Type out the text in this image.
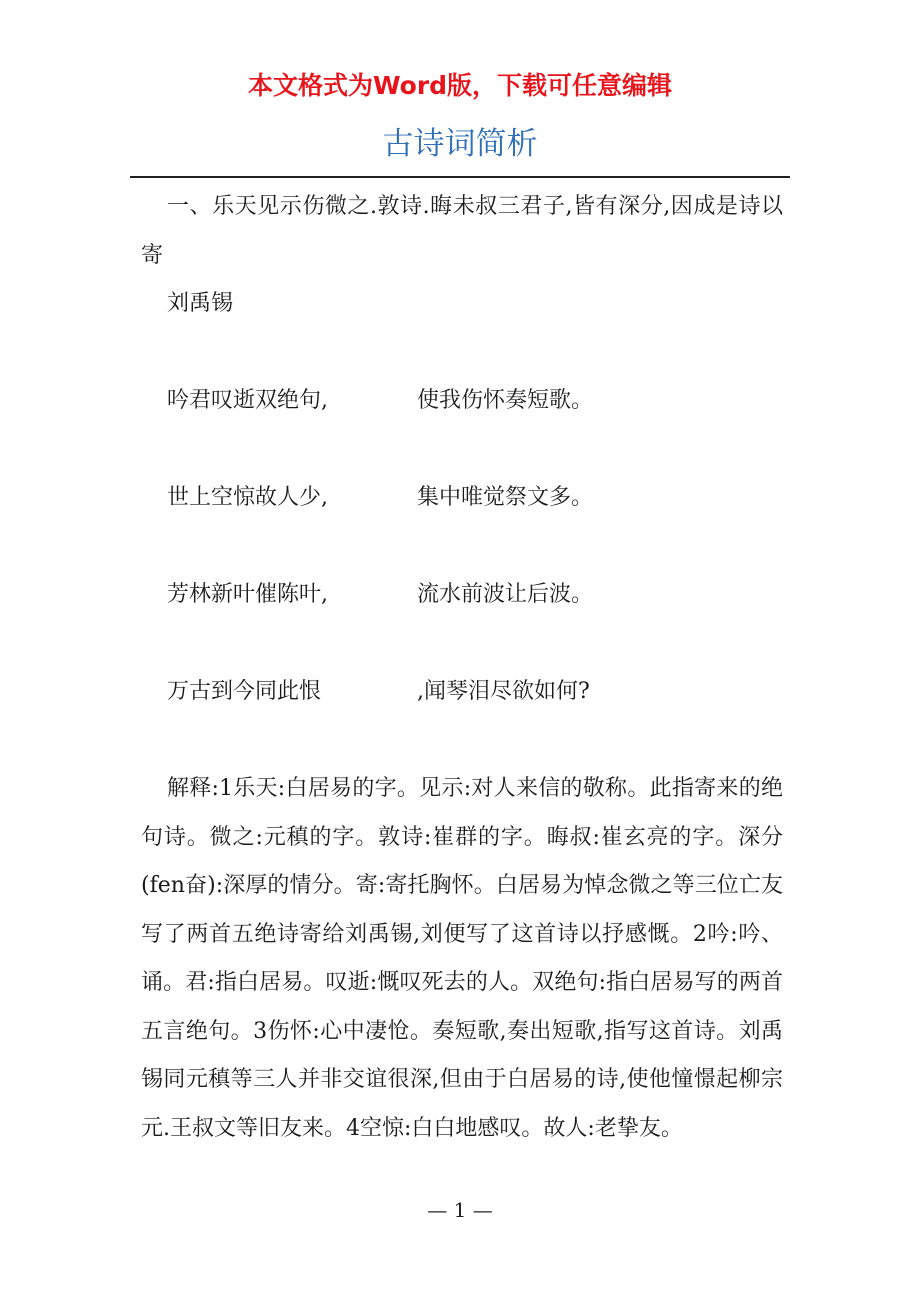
本文格式为Word版，下载可任意编辑
古诗词简析

一、乐天见示伤微之.敦诗.晦未叔三君子,皆有深分,因成是诗以寄

刘禹锡

吟君叹逝双绝句,	使我伤怀奏短歌。
世上空惊故人少,	集中唯觉祭文多。
芳林新叶催陈叶,	流水前波让后波。
万古到今同此恨	,闻琴泪尽欲如何?

解释:1乐天:白居易的字。见示:对人来信的敬称。此指寄来的绝句诗。微之:元稹的字。敦诗:崔群的字。晦叔:崔玄亮的字。深分(fen奋):深厚的情分。寄:寄托胸怀。白居易为悼念微之等三位亡友写了两首五绝诗寄给刘禹锡,刘便写了这首诗以抒感慨。2吟:吟、诵。君:指白居易。叹逝:慨叹死去的人。双绝句:指白居易写的两首五言绝句。3伤怀:心中凄怆。奏短歌,奏出短歌,指写这首诗。刘禹锡同元稹等三人并非交谊很深,但由于白居易的诗,使他憧憬起柳宗元.王叔文等旧友来。4空惊:白白地感叹。故人:老挚友。

— 1 —
